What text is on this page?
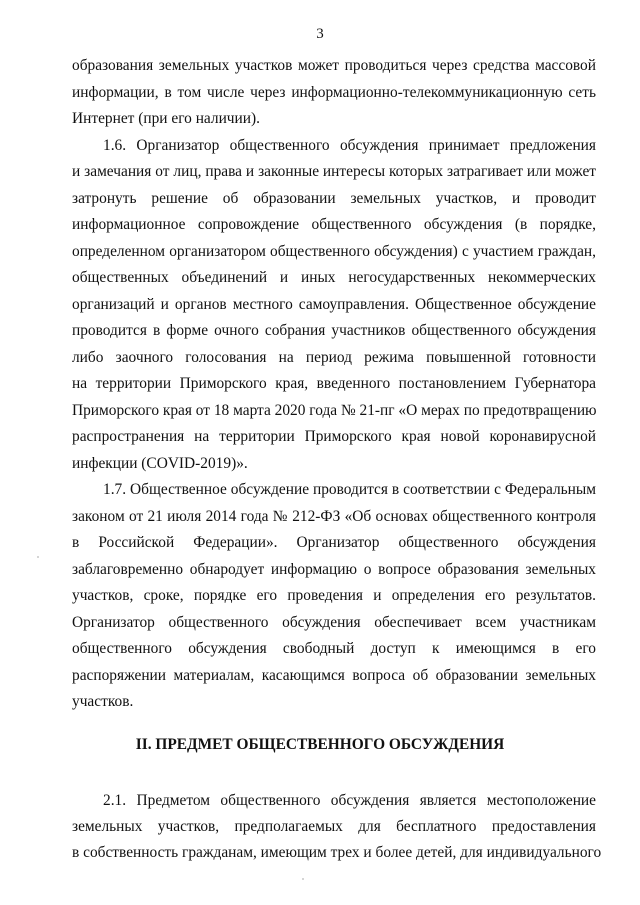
3
образования земельных участков может проводиться через средства массовой
информации, в том числе через информационно-телекоммуникационную сеть
Интернет (при его наличии).
1.6. Организатор общественного обсуждения принимает предложения
и замечания от лиц, права и законные интересы которых затрагивает или может
затронуть решение об образовании земельных участков, и проводит
информационное сопровождение общественного обсуждения (в порядке,
определенном организатором общественного обсуждения) с участием граждан,
общественных объединений и иных негосударственных некоммерческих
организаций и органов местного самоуправления. Общественное обсуждение
проводится в форме очного собрания участников общественного обсуждения
либо заочного голосования на период режима повышенной готовности
на территории Приморского края, введенного постановлением Губернатора
Приморского края от 18 марта 2020 года № 21-пг «О мерах по предотвращению
распространения на территории Приморского края новой коронавирусной
инфекции (COVID-2019)».
1.7. Общественное обсуждение проводится в соответствии с Федеральным
законом от 21 июля 2014 года № 212-ФЗ «Об основах общественного контроля
в Российской Федерации». Организатор общественного обсуждения
заблаговременно обнародует информацию о вопросе образования земельных
участков, сроке, порядке его проведения и определения его результатов.
Организатор общественного обсуждения обеспечивает всем участникам
общественного обсуждения свободный доступ к имеющимся в его
распоряжении материалам, касающимся вопроса об образовании земельных
участков.
II. ПРЕДМЕТ ОБЩЕСТВЕННОГО ОБСУЖДЕНИЯ
2.1. Предметом общественного обсуждения является местоположение
земельных участков, предполагаемых для бесплатного предоставления
в собственность гражданам, имеющим трех и более детей, для индивидуального
